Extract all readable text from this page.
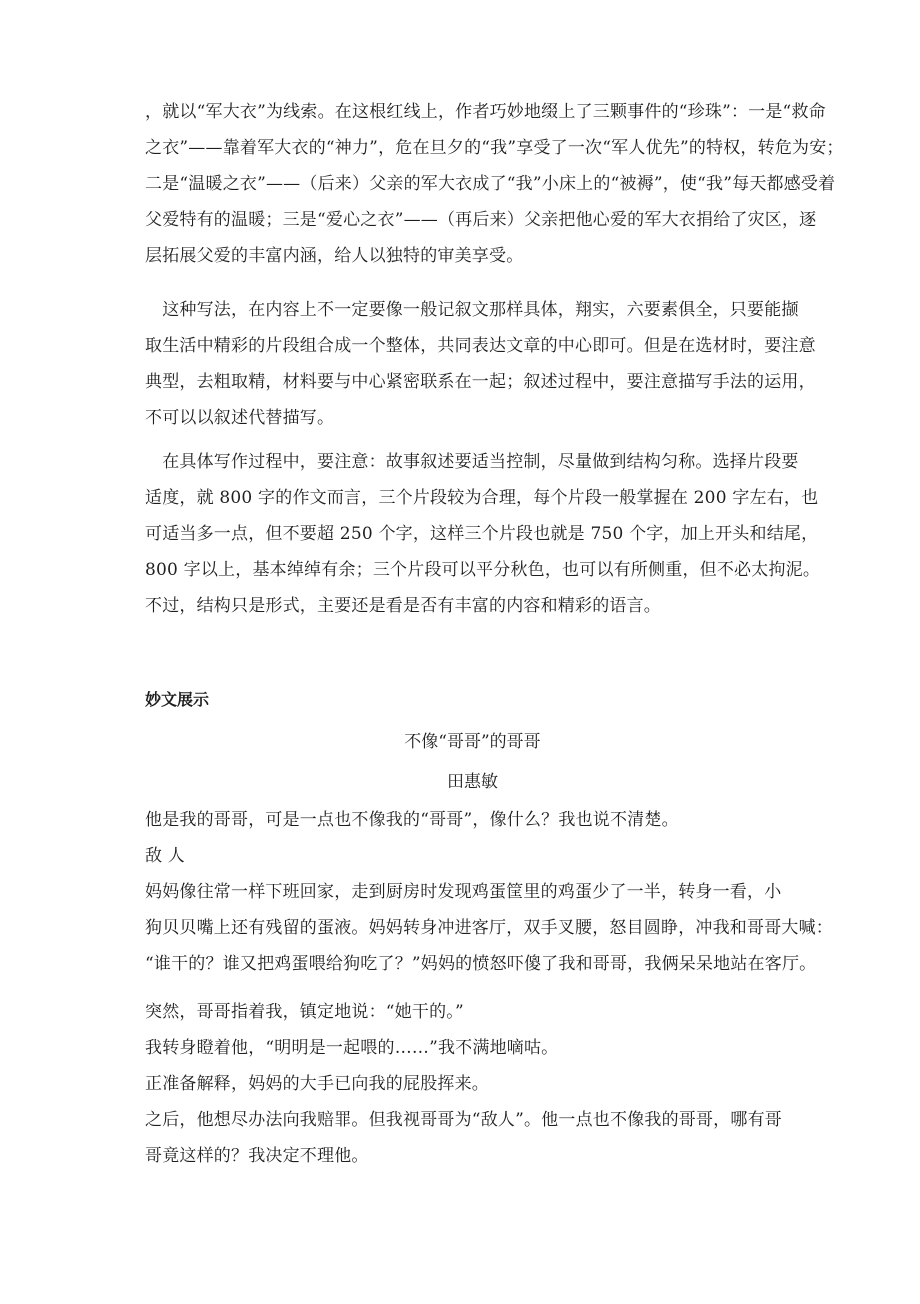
，就以“军大衣”为线索。在这根红线上，作者巧妙地缀上了三颗事件的“珍珠”：一是“救命

之衣”——靠着军大衣的“神力”，危在旦夕的“我”享受了一次“军人优先”的特权，转危为安；

二是“温暖之衣”——（后来）父亲的军大衣成了“我”小床上的“被褥”，使“我”每天都感受着

父爱特有的温暖；三是“爱心之衣”——（再后来）父亲把他心爱的军大衣捐给了灾区，逐

层拓展父爱的丰富内涵，给人以独特的审美享受。

　这种写法，在内容上不一定要像一般记叙文那样具体，翔实，六要素俱全，只要能撷

取生活中精彩的片段组合成一个整体，共同表达文章的中心即可。但是在选材时，要注意

典型，去粗取精，材料要与中心紧密联系在一起；叙述过程中，要注意描写手法的运用，

不可以以叙述代替描写。

　在具体写作过程中，要注意：故事叙述要适当控制，尽量做到结构匀称。选择片段要

适度，就 800 字的作文而言，三个片段较为合理，每个片段一般掌握在 200 字左右，也

可适当多一点，但不要超 250 个字，这样三个片段也就是 750 个字，加上开头和结尾，

800 字以上，基本绰绰有余；三个片段可以平分秋色，也可以有所侧重，但不必太拘泥。

不过，结构只是形式，主要还是看是否有丰富的内容和精彩的语言。

妙文展示

不像“哥哥”的哥哥

田惠敏

他是我的哥哥，可是一点也不像我的“哥哥”，像什么？我也说不清楚。

敌 人

妈妈像往常一样下班回家，走到厨房时发现鸡蛋筐里的鸡蛋少了一半，转身一看，小

狗贝贝嘴上还有残留的蛋液。妈妈转身冲进客厅，双手叉腰，怒目圆睁，冲我和哥哥大喊：

“谁干的？谁又把鸡蛋喂给狗吃了？”妈妈的愤怒吓傻了我和哥哥，我俩呆呆地站在客厅。

突然，哥哥指着我，镇定地说：“她干的。”

我转身瞪着他，“明明是一起喂的……”我不满地嘀咕。

正准备解释，妈妈的大手已向我的屁股挥来。

之后，他想尽办法向我赔罪。但我视哥哥为“敌人”。他一点也不像我的哥哥，哪有哥

哥竟这样的？我决定不理他。
